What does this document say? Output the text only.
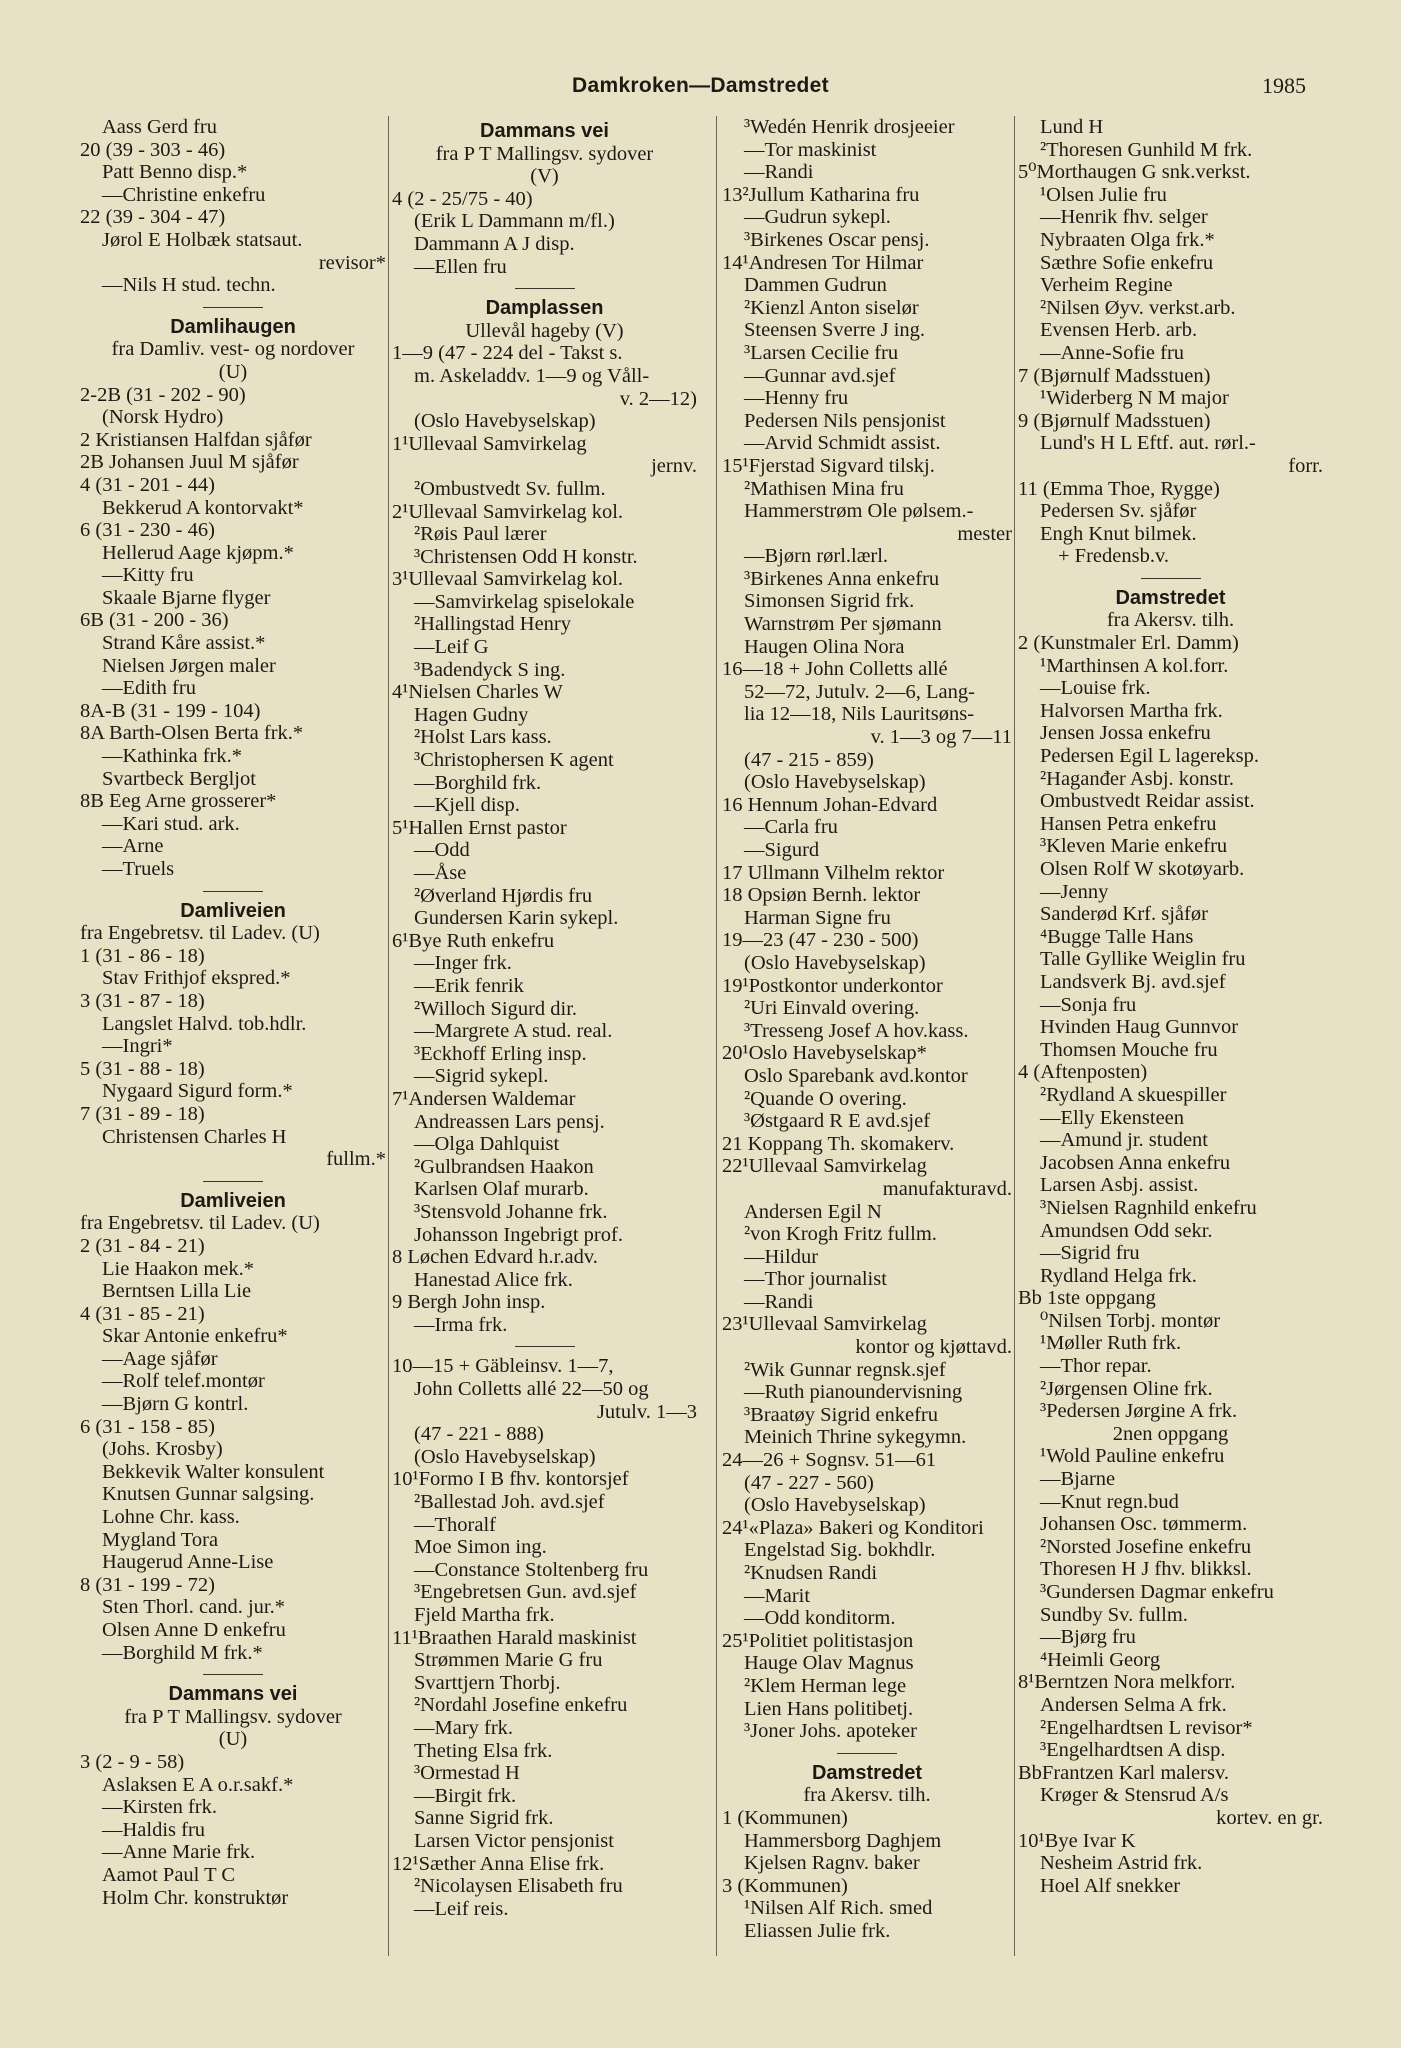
Damkroken—Damstredet	1985
Aass Gerd fru
20 (39 - 303 - 46)
Patt Benno disp.*
—Christine enkefru
22 (39 - 304 - 47)
Jørol E Holbæk statsaut.
revisor*
—Nils H stud. techn.
Damlihaugen
fra Damliv. vest- og nordover
(U)
2-2B (31 - 202 - 90)
(Norsk Hydro)
2 Kristiansen Halfdan sjåfør
2B Johansen Juul M sjåfør
4 (31 - 201 - 44)
Bekkerud A kontorvakt*
6 (31 - 230 - 46)
Hellerud Aage kjøpm.*
—Kitty fru
Skaale Bjarne flyger
6B (31 - 200 - 36)
Strand Kåre assist.*
Nielsen Jørgen maler
—Edith fru
8A-B (31 - 199 - 104)
8A Barth-Olsen Berta frk.*
—Kathinka frk.*
Svartbeck Bergljot
8B Eeg Arne grosserer*
—Kari stud. ark.
—Arne
—Truels
Damliveien
fra Engebretsv. til Ladev. (U)
1 (31 - 86 - 18)
Stav Frithjof ekspred.*
3 (31 - 87 - 18)
Langslet Halvd. tob.hdlr.
—Ingri*
5 (31 - 88 - 18)
Nygaard Sigurd form.*
7 (31 - 89 - 18)
Christensen Charles H
fullm.*
Damliveien
fra Engebretsv. til Ladev. (U)
2 (31 - 84 - 21)
Lie Haakon mek.*
Berntsen Lilla Lie
4 (31 - 85 - 21)
Skar Antonie enkefru*
—Aage sjåfør
—Rolf telef.montør
—Bjørn G kontrl.
6 (31 - 158 - 85)
(Johs. Krosby)
Bekkevik Walter konsulent
Knutsen Gunnar salgsing.
Lohne Chr. kass.
Mygland Tora
Haugerud Anne-Lise
8 (31 - 199 - 72)
Sten Thorl. cand. jur.*
Olsen Anne D enkefru
—Borghild M frk.*
Dammans vei
fra P T Mallingsv. sydover
(U)
3 (2 - 9 - 58)
Aslaksen E A o.r.sakf.*
—Kirsten frk.
—Haldis fru
—Anne Marie frk.
Aamot Paul T C
Holm Chr. konstruktør
Dammans vei
fra P T Mallingsv. sydover
(V)
4 (2 - 25/75 - 40)
(Erik L Dammann m/fl.)
Dammann A J disp.
—Ellen fru
Damplassen
Ullevål hageby (V)
1—9 (47 - 224 del - Takst s.
m. Askeladdv. 1—9 og Våll-
v. 2—12)
(Oslo Havebyselskap)
1¹Ullevaal Samvirkelag
jernv.
²Ombustvedt Sv. fullm.
2¹Ullevaal Samvirkelag kol.
²Røis Paul lærer
³Christensen Odd H konstr.
3¹Ullevaal Samvirkelag kol.
—Samvirkelag spiselokale
²Hallingstad Henry
—Leif G
³Badendyck S ing.
4¹Nielsen Charles W
Hagen Gudny
²Holst Lars kass.
³Christophersen K agent
—Borghild frk.
—Kjell disp.
5¹Hallen Ernst pastor
—Odd
—Åse
²Øverland Hjørdis fru
Gundersen Karin sykepl.
6¹Bye Ruth enkefru
—Inger frk.
—Erik fenrik
²Willoch Sigurd dir.
—Margrete A stud. real.
³Eckhoff Erling insp.
—Sigrid sykepl.
7¹Andersen Waldemar
Andreassen Lars pensj.
—Olga Dahlquist
²Gulbrandsen Haakon
Karlsen Olaf murarb.
³Stensvold Johanne frk.
Johansson Ingebrigt prof.
8 Løchen Edvard h.r.adv.
Hanestad Alice frk.
9 Bergh John insp.
—Irma frk.
10—15 + Gäbleinsv. 1—7,
John Colletts allé 22—50 og
Jutulv. 1—3
(47 - 221 - 888)
(Oslo Havebyselskap)
10¹Formo I B fhv. kontorsjef
²Ballestad Joh. avd.sjef
—Thoralf
Moe Simon ing.
—Constance Stoltenberg fru
³Engebretsen Gun. avd.sjef
Fjeld Martha frk.
11¹Braathen Harald maskinist
Strømmen Marie G fru
Svarttjern Thorbj.
²Nordahl Josefine enkefru
—Mary frk.
Theting Elsa frk.
³Ormestad H
—Birgit frk.
Sanne Sigrid frk.
Larsen Victor pensjonist
12¹Sæther Anna Elise frk.
²Nicolaysen Elisabeth fru
—Leif reis.
³Wedén Henrik drosjeeier
—Tor maskinist
—Randi
13²Jullum Katharina fru
—Gudrun sykepl.
³Birkenes Oscar pensj.
14¹Andresen Tor Hilmar
Dammen Gudrun
²Kienzl Anton siselør
Steensen Sverre J ing.
³Larsen Cecilie fru
—Gunnar avd.sjef
—Henny fru
Pedersen Nils pensjonist
—Arvid Schmidt assist.
15¹Fjerstad Sigvard tilskj.
²Mathisen Mina fru
Hammerstrøm Ole pølsem.-
mester
—Bjørn rørl.lærl.
³Birkenes Anna enkefru
Simonsen Sigrid frk.
Warnstrøm Per sjømann
Haugen Olina Nora
16—18 + John Colletts allé
52—72, Jutulv. 2—6, Lang-
lia 12—18, Nils Lauritsøns-
v. 1—3 og 7—11
(47 - 215 - 859)
(Oslo Havebyselskap)
16 Hennum Johan-Edvard
—Carla fru
—Sigurd
17 Ullmann Vilhelm rektor
18 Opsiøn Bernh. lektor
Harman Signe fru
19—23 (47 - 230 - 500)
(Oslo Havebyselskap)
19¹Postkontor underkontor
²Uri Einvald overing.
³Tresseng Josef A hov.kass.
20¹Oslo Havebyselskap*
Oslo Sparebank avd.kontor
²Quande O overing.
³Østgaard R E avd.sjef
21 Koppang Th. skomakerv.
22¹Ullevaal Samvirkelag
manufakturavd.
Andersen Egil N
²von Krogh Fritz fullm.
—Hildur
—Thor journalist
—Randi
23¹Ullevaal Samvirkelag
kontor og kjøttavd.
²Wik Gunnar regnsk.sjef
—Ruth pianoundervisning
³Braatøy Sigrid enkefru
Meinich Thrine sykegymn.
24—26 + Sognsv. 51—61
(47 - 227 - 560)
(Oslo Havebyselskap)
24¹«Plaza» Bakeri og Konditori
Engelstad Sig. bokhdlr.
²Knudsen Randi
—Marit
—Odd konditorm.
25¹Politiet politistasjon
Hauge Olav Magnus
²Klem Herman lege
Lien Hans politibetj.
³Joner Johs. apoteker
Damstredet
fra Akersv. tilh.
1 (Kommunen)
Hammersborg Daghjem
Kjelsen Ragnv. baker
3 (Kommunen)
¹Nilsen Alf Rich. smed
Eliassen Julie frk.
Lund H
²Thoresen Gunhild M frk.
5⁰Morthaugen G snk.verkst.
¹Olsen Julie fru
—Henrik fhv. selger
Nybraaten Olga frk.*
Sæthre Sofie enkefru
Verheim Regine
²Nilsen Øyv. verkst.arb.
Evensen Herb. arb.
—Anne-Sofie fru
7 (Bjørnulf Madsstuen)
¹Widerberg N M major
9 (Bjørnulf Madsstuen)
Lund's H L Eftf. aut. rørl.-
forr.
11 (Emma Thoe, Rygge)
Pedersen Sv. sjåfør
Engh Knut bilmek.
+ Fredensb.v.
Damstredet
fra Akersv. tilh.
2 (Kunstmaler Erl. Damm)
¹Marthinsen A kol.forr.
—Louise frk.
Halvorsen Martha frk.
Jensen Jossa enkefru
Pedersen Egil L lagereksp.
²Haganđer Asbj. konstr.
Ombustvedt Reidar assist.
Hansen Petra enkefru
³Kleven Marie enkefru
Olsen Rolf W skotøyarb.
—Jenny
Sanderød Krf. sjåfør
⁴Bugge Talle Hans
Talle Gyllike Weiglin fru
Landsverk Bj. avd.sjef
—Sonja fru
Hvinden Haug Gunnvor
Thomsen Mouche fru
4 (Aftenposten)
²Rydland A skuespiller
—Elly Ekensteen
—Amund jr. student
Jacobsen Anna enkefru
Larsen Asbj. assist.
³Nielsen Ragnhild enkefru
Amundsen Odd sekr.
—Sigrid fru
Rydland Helga frk.
Bb 1ste oppgang
⁰Nilsen Torbj. montør
¹Møller Ruth frk.
—Thor repar.
²Jørgensen Oline frk.
³Pedersen Jørgine A frk.
2nen oppgang
¹Wold Pauline enkefru
—Bjarne
—Knut regn.bud
Johansen Osc. tømmerm.
²Norsted Josefine enkefru
Thoresen H J fhv. blikksl.
³Gundersen Dagmar enkefru
Sundby Sv. fullm.
—Bjørg fru
⁴Heimli Georg
8¹Berntzen Nora melkforr.
Andersen Selma A frk.
²Engelhardtsen L revisor*
³Engelhardtsen A disp.
BbFrantzen Karl malersv.
Krøger & Stensrud A/s
kortev. en gr.
10¹Bye Ivar K
Nesheim Astrid frk.
Hoel Alf snekker
